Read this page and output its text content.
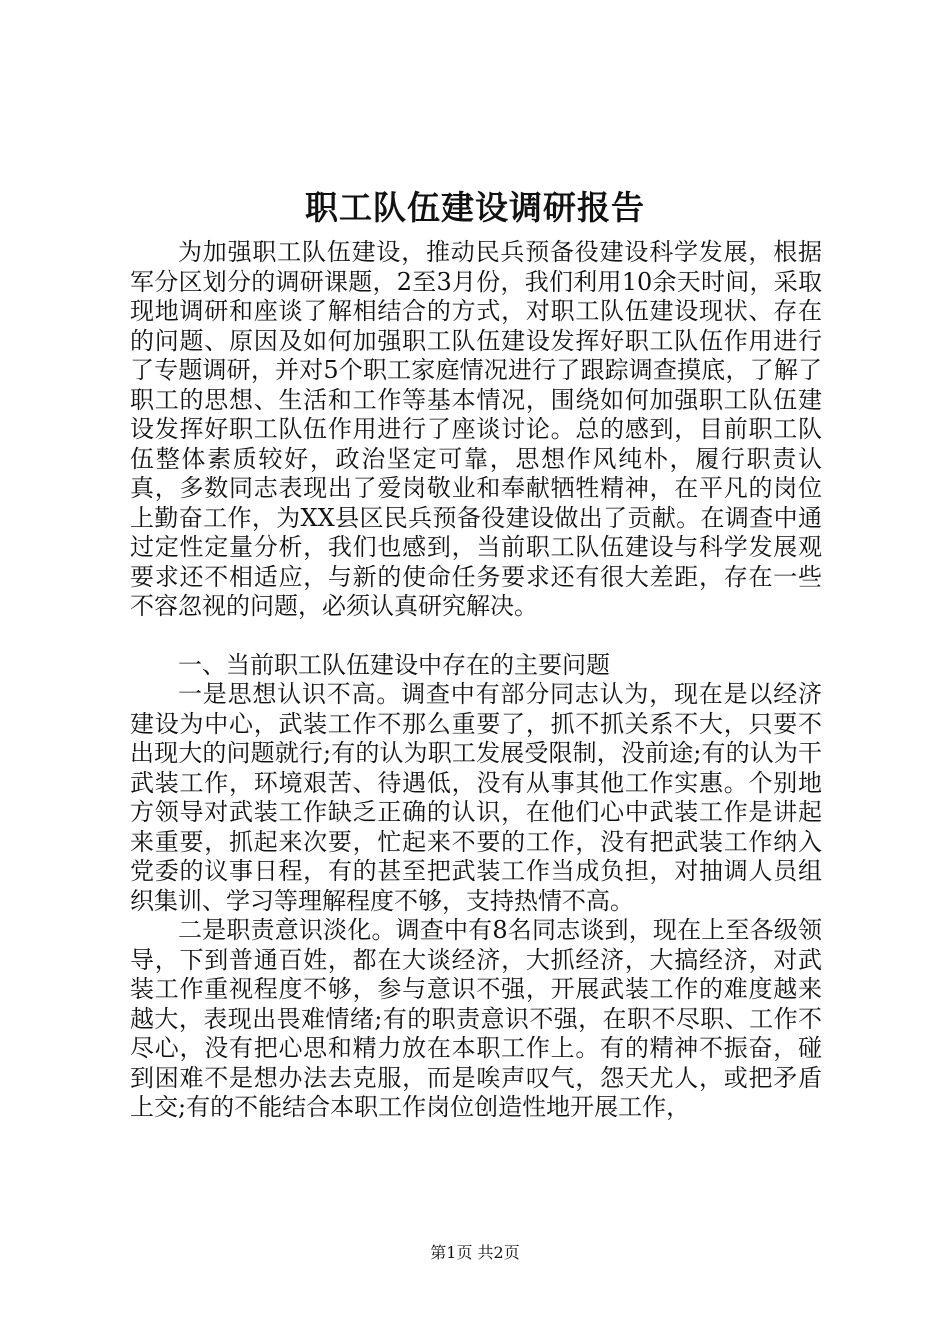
职工队伍建设调研报告

为加强职工队伍建设，推动民兵预备役建设科学发展，根据军分区划分的调研课题，2至3月份，我们利用10余天时间，采取现地调研和座谈了解相结合的方式，对职工队伍建设现状、存在的问题、原因及如何加强职工队伍建设发挥好职工队伍作用进行了专题调研，并对5个职工家庭情况进行了跟踪调查摸底，了解了职工的思想、生活和工作等基本情况，围绕如何加强职工队伍建设发挥好职工队伍作用进行了座谈讨论。总的感到，目前职工队伍整体素质较好，政治坚定可靠，思想作风纯朴，履行职责认真，多数同志表现出了爱岗敬业和奉献牺牲精神，在平凡的岗位上勤奋工作，为XX县区民兵预备役建设做出了贡献。在调查中通过定性定量分析，我们也感到，当前职工队伍建设与科学发展观要求还不相适应，与新的使命任务要求还有很大差距，存在一些不容忽视的问题，必须认真研究解决。

一、当前职工队伍建设中存在的主要问题

一是思想认识不高。调查中有部分同志认为，现在是以经济建设为中心，武装工作不那么重要了，抓不抓关系不大，只要不出现大的问题就行;有的认为职工发展受限制，没前途;有的认为干武装工作，环境艰苦、待遇低，没有从事其他工作实惠。个别地方领导对武装工作缺乏正确的认识，在他们心中武装工作是讲起来重要，抓起来次要，忙起来不要的工作，没有把武装工作纳入党委的议事日程，有的甚至把武装工作当成负担，对抽调人员组织集训、学习等理解程度不够，支持热情不高。

二是职责意识淡化。调查中有8名同志谈到，现在上至各级领导，下到普通百姓，都在大谈经济，大抓经济，大搞经济，对武装工作重视程度不够，参与意识不强，开展武装工作的难度越来越大，表现出畏难情绪;有的职责意识不强，在职不尽职、工作不尽心，没有把心思和精力放在本职工作上。有的精神不振奋，碰到困难不是想办法去克服，而是唉声叹气，怨天尤人，或把矛盾上交;有的不能结合本职工作岗位创造性地开展工作，

第1页 共2页
